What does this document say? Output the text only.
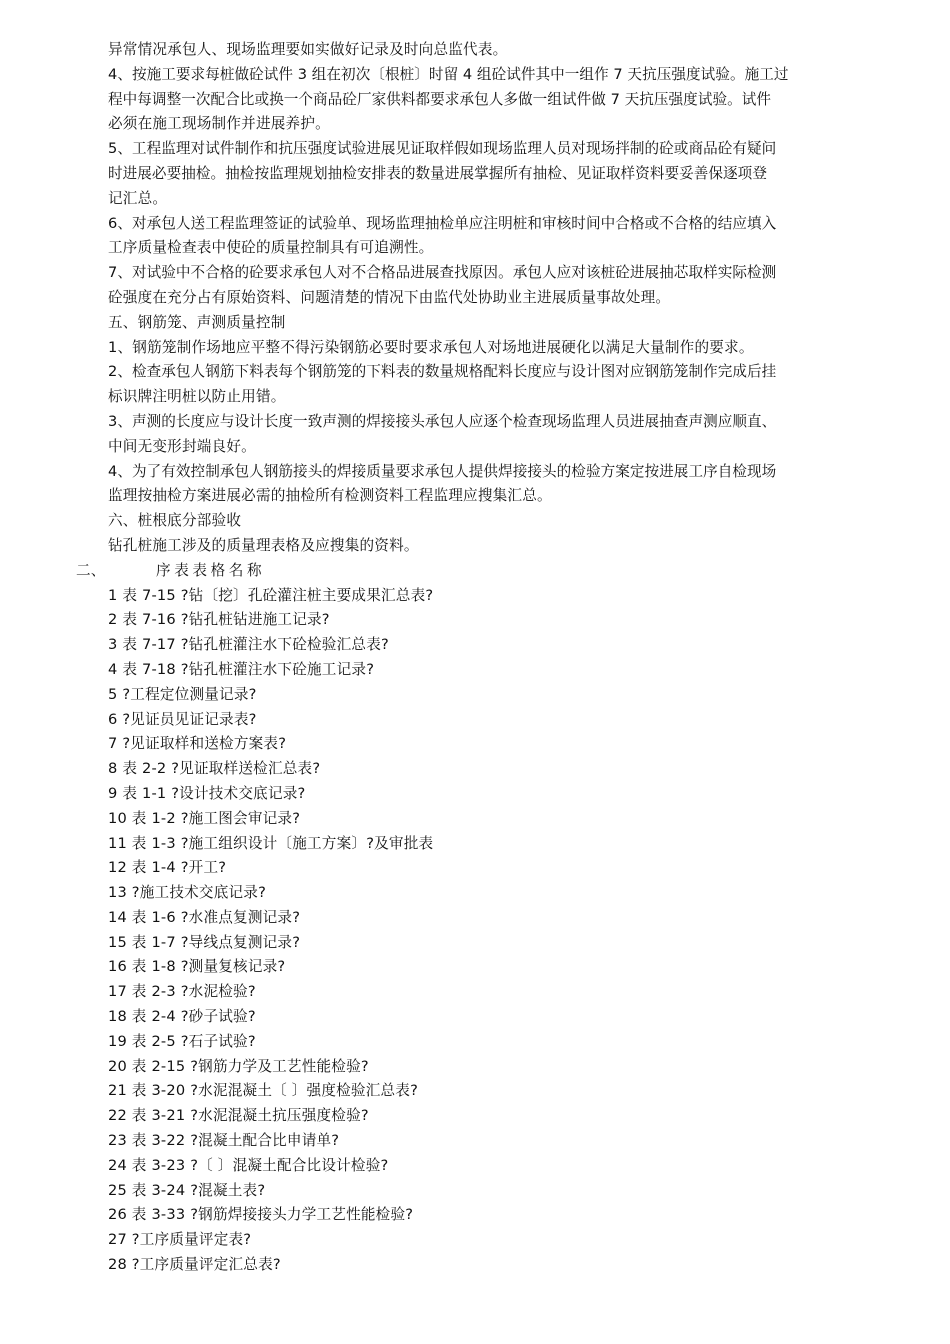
异常情况承包人、现场监理要如实做好记录及时向总监代表。
4、按施工要求每桩做砼试件 3 组在初次〔根桩〕时留 4 组砼试件其中一组作 7 天抗压强度试验。施工过
程中每调整一次配合比或换一个商品砼厂家供料都要求承包人多做一组试件做 7 天抗压强度试验。试件
必须在施工现场制作并进展养护。
5、工程监理对试件制作和抗压强度试验进展见证取样假如现场监理人员对现场拌制的砼或商品砼有疑问
时进展必要抽检。抽检按监理规划抽检安排表的数量进展掌握所有抽检、见证取样资料要妥善保逐项登
记汇总。
6、对承包人送工程监理签证的试验单、现场监理抽检单应注明桩和审核时间中合格或不合格的结应填入
工序质量检查表中使砼的质量控制具有可追溯性。
7、对试验中不合格的砼要求承包人对不合格品进展查找原因。承包人应对该桩砼进展抽芯取样实际检测
砼强度在充分占有原始资料、问题清楚的情况下由监代处协助业主进展质量事故处理。
五、钢筋笼、声测质量控制
1、钢筋笼制作场地应平整不得污染钢筋必要时要求承包人对场地进展硬化以满足大量制作的要求。
2、检查承包人钢筋下料表每个钢筋笼的下料表的数量规格配料长度应与设计图对应钢筋笼制作完成后挂
标识牌注明桩以防止用错。
3、声测的长度应与设计长度一致声测的焊接接头承包人应逐个检查现场监理人员进展抽查声测应顺直、
中间无变形封端良好。
4、为了有效控制承包人钢筋接头的焊接质量要求承包人提供焊接接头的检验方案定按进展工序自检现场
监理按抽检方案进展必需的抽检所有检测资料工程监理应搜集汇总。
六、桩根底分部验收
钻孔桩施工涉及的质量理表格及应搜集的资料。
二、	序表表格名称
1 表 7-15 ?钻〔挖〕孔砼灌注桩主要成果汇总表?
2 表 7-16 ?钻孔桩钻进施工记录?
3 表 7-17 ?钻孔桩灌注水下砼检验汇总表?
4 表 7-18 ?钻孔桩灌注水下砼施工记录?
5 ?工程定位测量记录?
6 ?见证员见证记录表?
7 ?见证取样和送检方案表?
8 表 2-2 ?见证取样送检汇总表?
9 表 1-1 ?设计技术交底记录?
10 表 1-2 ?施工图会审记录?
11 表 1-3 ?施工组织设计〔施工方案〕?及审批表
12 表 1-4 ?开工?
13 ?施工技术交底记录?
14 表 1-6 ?水准点复测记录?
15 表 1-7 ?导线点复测记录?
16 表 1-8 ?测量复核记录?
17 表 2-3 ?水泥检验?
18 表 2-4 ?砂子试验?
19 表 2-5 ?石子试验?
20 表 2-15 ?钢筋力学及工艺性能检验?
21 表 3-20 ?水泥混凝土〔 〕强度检验汇总表?
22 表 3-21 ?水泥混凝土抗压强度检验?
23 表 3-22 ?混凝土配合比申请单?
24 表 3-23 ?〔 〕混凝土配合比设计检验?
25 表 3-24 ?混凝土表?
26 表 3-33 ?钢筋焊接接头力学工艺性能检验?
27 ?工序质量评定表?
28 ?工序质量评定汇总表?
